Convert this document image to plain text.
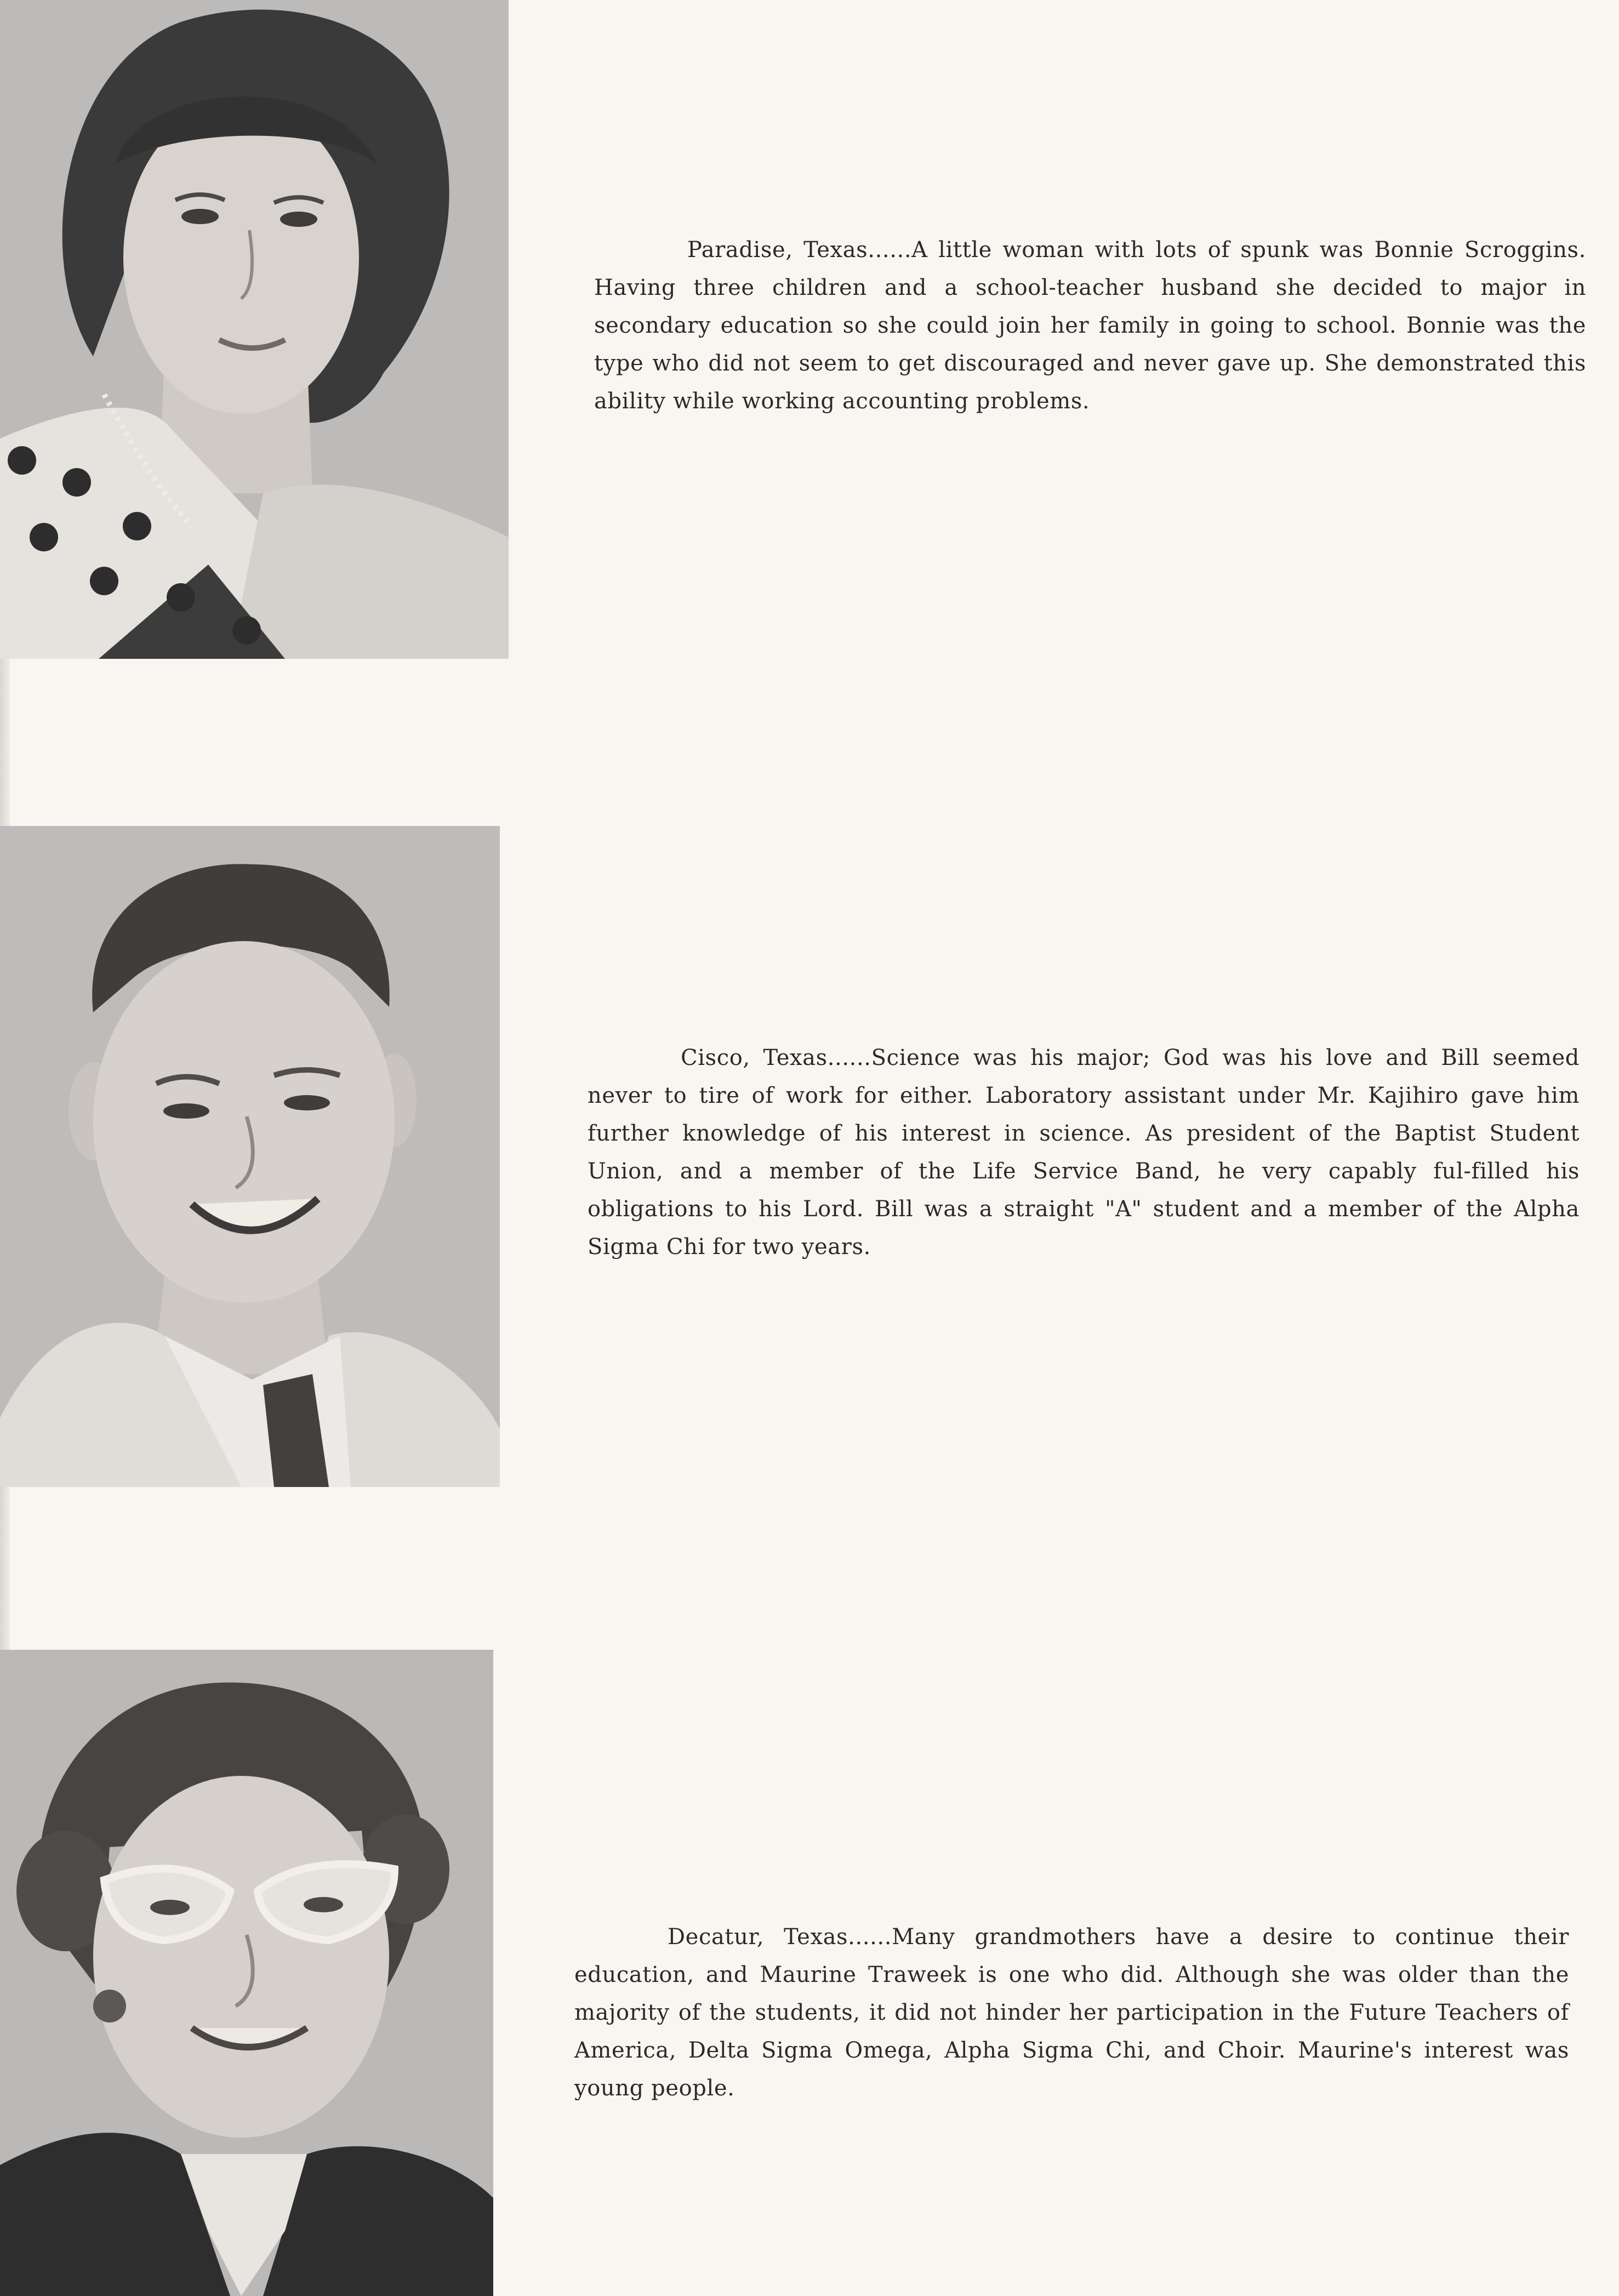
Paradise, Texas......A little woman with lots of spunk was Bonnie Scroggins. Having three children and a school-teacher husband she decided to major in secondary education so she could join her family in going to school. Bonnie was the type who did not seem to get discouraged and never gave up. She demonstrated this ability while working accounting problems.

Cisco, Texas......Science was his major; God was his love and Bill seemed never to tire of work for either. Laboratory assistant under Mr. Kajihiro gave him further knowledge of his interest in science. As president of the Baptist Student Union, and a member of the Life Service Band, he very capably ful-filled his obligations to his Lord. Bill was a straight "A" student and a member of the Alpha Sigma Chi for two years.

Decatur, Texas......Many grandmothers have a desire to continue their education, and Maurine Traweek is one who did. Although she was older than the majority of the students, it did not hinder her participation in the Future Teachers of America, Delta Sigma Omega, Alpha Sigma Chi, and Choir. Maurine's interest was young people.
